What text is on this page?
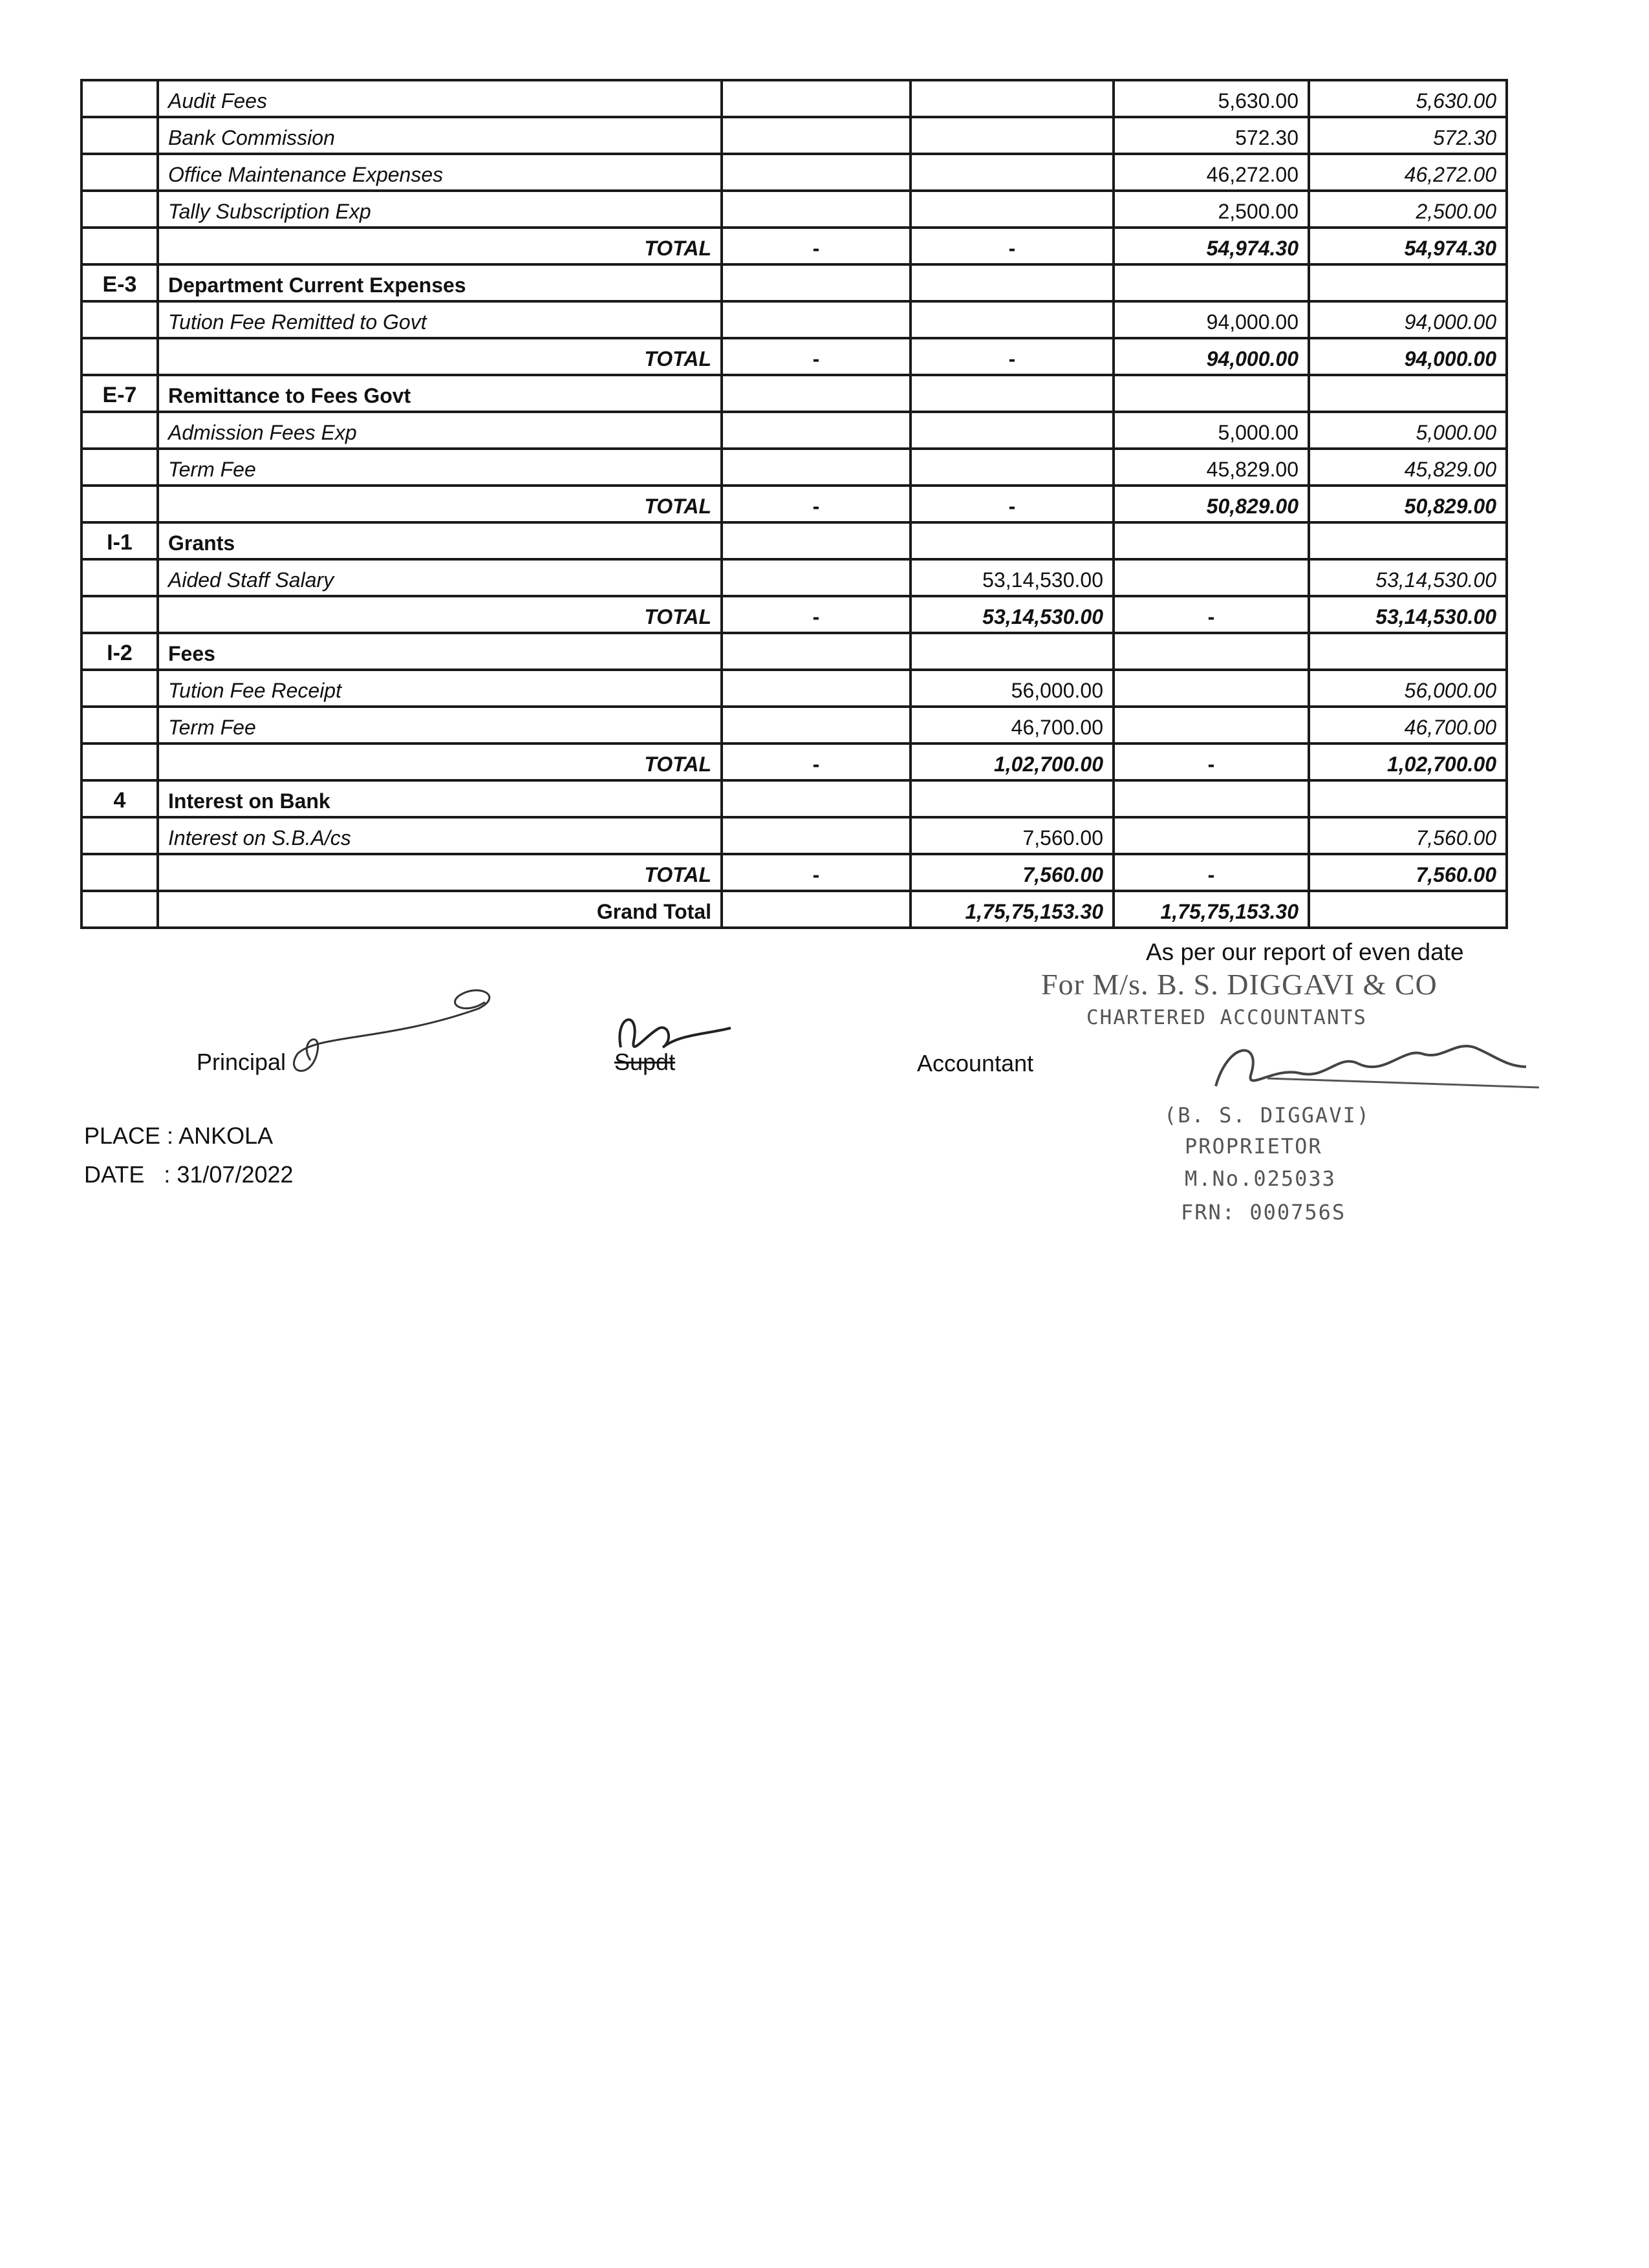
	Audit Fees			5,630.00	5,630.00
	Bank Commission			572.30	572.30
	Office Maintenance Expenses			46,272.00	46,272.00
	Tally Subscription Exp			2,500.00	2,500.00
	TOTAL	-	-	54,974.30	54,974.30
E-3	Department Current Expenses				
	Tution Fee Remitted to Govt			94,000.00	94,000.00
	TOTAL	-	-	94,000.00	94,000.00
E-7	Remittance to Fees Govt				
	Admission Fees Exp			5,000.00	5,000.00
	Term Fee			45,829.00	45,829.00
	TOTAL	-	-	50,829.00	50,829.00
I-1	Grants				
	Aided Staff Salary		53,14,530.00		53,14,530.00
	TOTAL	-	53,14,530.00	-	53,14,530.00
I-2	Fees				
	Tution Fee Receipt		56,000.00		56,000.00
	Term Fee		46,700.00		46,700.00
	TOTAL	-	1,02,700.00	-	1,02,700.00
4	Interest on Bank				
	Interest on S.B.A/cs		7,560.00		7,560.00
	TOTAL	-	7,560.00	-	7,560.00
	Grand Total		1,75,75,153.30	1,75,75,153.30	
As per our report of even date
For M/s. B. S. DIGGAVI & CO
CHARTERED ACCOUNTANTS
(B. S. DIGGAVI)
PROPRIETOR
M.No.025033
FRN: 000756S
Principal	Supdt	Accountant
PLACE : ANKOLA
DATE   : 31/07/2022
